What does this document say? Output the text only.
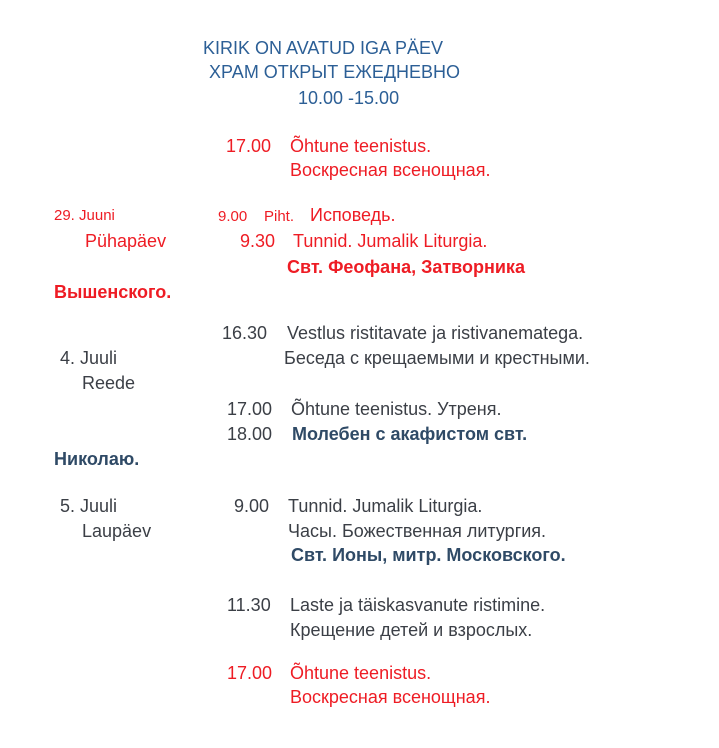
KIRIK ON AVATUD IGA PÄEV
ХРАМ ОТКРЫТ ЕЖЕДНЕВНО
10.00 -15.00
17.00 Õhtune teenistus.
Воскресная всенощная.
29. Juuni
Pühapäev
9.00 Piht. Исповедь.
9.30 Tunnid. Jumalik Liturgia.
Свт. Феофана, Затворника
Вышенского.
16.30 Vestlus ristitavate ja ristivanematega.
4. Juuli	Беседа с крещаемыми и крестными.
Reede
17.00 Õhtune teenistus. Утреня.
18.00 Молебен с акафистом свт.
Николаю.
5. Juuli
Laupäev
9.00 Tunnid. Jumalik Liturgia.
Часы. Божественная литургия.
Свт. Ионы, митр. Московского.
11.30 Laste ja täiskasvanute ristimine.
Крещение детей и взрослых.
17.00 Õhtune teenistus.
Воскресная всенощная.
